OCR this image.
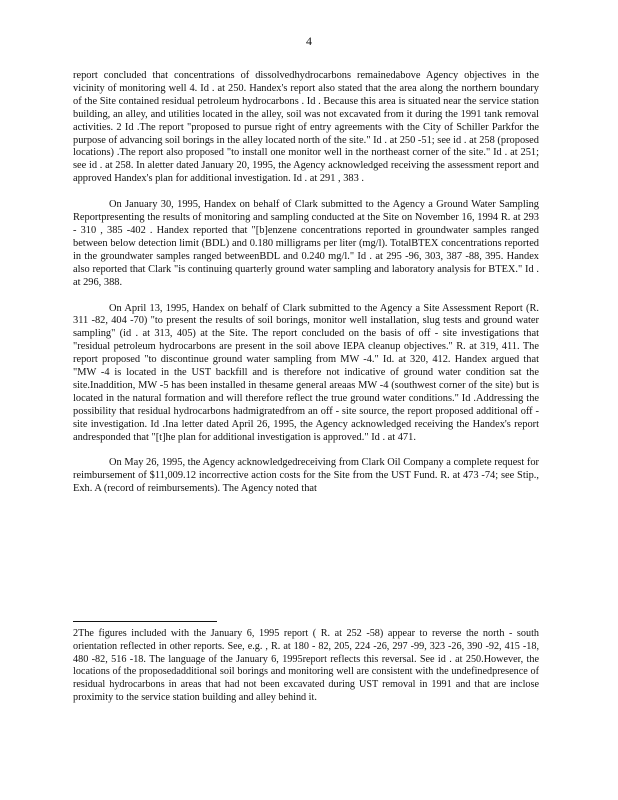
4

report concluded that concentrations of dissolvedhydrocarbons remainedabove Agency objectives in the vicinity of monitoring well 4. Id . at 250. Handex's report also stated that the area along the northern boundary of the Site contained residual petroleum hydrocarbons . Id . Because this area is situated near the service station building, an alley, and utilities located in the alley, soil was not excavated from it during the 1991 tank removal activities. 2 Id .The report "proposed to pursue right of entry agreements with the City of Schiller Parkfor the purpose of advancing soil borings in the alley located north of the site." Id . at 250 -51; see id . at 258 (proposed locations) .The report also proposed "to install one monitor well in the northeast corner of the site." Id . at 251; see id . at 258. In aletter dated January 20, 1995, the Agency acknowledged receiving the assessment report and approved Handex's plan for additional investigation. Id . at 291 , 383 .

On January 30, 1995, Handex on behalf of Clark submitted to the Agency a Ground Water Sampling Reportpresenting the results of monitoring and sampling conducted at the Site on November 16, 1994 R. at 293 - 310 , 385 -402 . Handex reported that "[b]enzene concentrations reported in groundwater samples ranged between below detection limit (BDL) and 0.180 milligrams per liter (mg/l). TotalBTEX concentrations reported in the groundwater samples ranged betweenBDL and 0.240 mg/l." Id . at 295 -96, 303, 387 -88, 395. Handex also reported that Clark "is continuing quarterly ground water sampling and laboratory analysis for BTEX." Id . at 296, 388.

On April 13, 1995, Handex on behalf of Clark submitted to the Agency a Site Assessment Report (R. 311 -82, 404 -70) "to present the results of soil borings, monitor well installation, slug tests and ground water sampling" (id . at 313, 405) at the Site. The report concluded on the basis of off - site investigations that "residual petroleum hydrocarbons are present in the soil above IEPA cleanup objectives." R. at 319, 411. The report proposed "to discontinue ground water sampling from MW -4." Id. at 320, 412. Handex argued that "MW -4 is located in the UST backfill and is therefore not indicative of ground water condition sat the site.Inaddition, MW -5 has been installed in thesame general areaas MW -4 (southwest corner of the site) but is located in the natural formation and will therefore reflect the true ground water conditions." Id .Addressing the possibility that residual hydrocarbons hadmigratedfrom an off - site source, the report proposed additional off -site investigation. Id .Ina letter dated April 26, 1995, the Agency acknowledged receiving the Handex's report andresponded that "[t]he plan for additional investigation is approved." Id . at 471.

On May 26, 1995, the Agency acknowledgedreceiving from Clark Oil Company a complete request for reimbursement of $11,009.12 incorrective action costs for the Site from the UST Fund. R. at 473 -74; see Stip., Exh. A (record of reimbursements). The Agency noted that

2The figures included with the January 6, 1995 report ( R. at 252 -58) appear to reverse the north - south orientation reflected in other reports. See, e.g. , R. at 180 - 82, 205, 224 -26, 297 -99, 323 -26, 390 -92, 415 -18, 480 -82, 516 -18. The language of the January 6, 1995report reflects this reversal. See id . at 250.However, the locations of the proposedadditional soil borings and monitoring well are consistent with the undefinedpresence of residual hydrocarbons in areas that had not been excavated during UST removal in 1991 and that are inclose proximity to the service station building and alley behind it.
